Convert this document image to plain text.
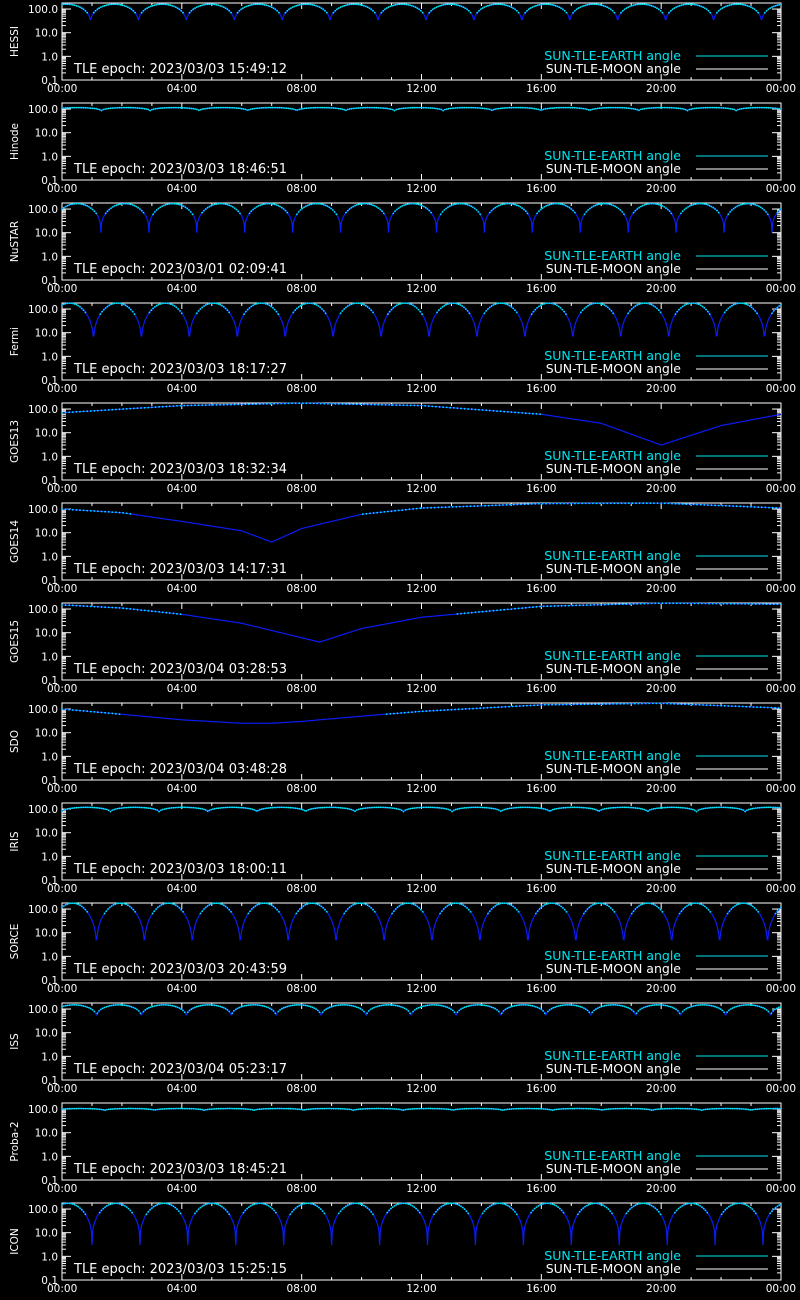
100.0
10.0
1.0
0.1
00:00	04:00	08:00	12:00	16:00	20:00	00:00
HESSI
TLE epoch: 2023/03/03 15:49:12
SUN-TLE-EARTH angle
SUN-TLE-MOON angle
100.0
10.0
1.0
0.1
00:00	04:00	08:00	12:00	16:00	20:00	00:00
Hinode
TLE epoch: 2023/03/03 18:46:51
SUN-TLE-EARTH angle
SUN-TLE-MOON angle
100.0
10.0
1.0
0.1
00:00	04:00	08:00	12:00	16:00	20:00	00:00
NuSTAR
TLE epoch: 2023/03/01 02:09:41
SUN-TLE-EARTH angle
SUN-TLE-MOON angle
100.0
10.0
1.0
0.1
00:00	04:00	08:00	12:00	16:00	20:00	00:00
Fermi
TLE epoch: 2023/03/03 18:17:27
SUN-TLE-EARTH angle
SUN-TLE-MOON angle
100.0
10.0
1.0
0.1
00:00	04:00	08:00	12:00	16:00	20:00	00:00
GOES13
TLE epoch: 2023/03/03 18:32:34
SUN-TLE-EARTH angle
SUN-TLE-MOON angle
100.0
10.0
1.0
0.1
00:00	04:00	08:00	12:00	16:00	20:00	00:00
GOES14
TLE epoch: 2023/03/03 14:17:31
SUN-TLE-EARTH angle
SUN-TLE-MOON angle
100.0
10.0
1.0
0.1
00:00	04:00	08:00	12:00	16:00	20:00	00:00
GOES15
TLE epoch: 2023/03/04 03:28:53
SUN-TLE-EARTH angle
SUN-TLE-MOON angle
100.0
10.0
1.0
0.1
00:00	04:00	08:00	12:00	16:00	20:00	00:00
SDO
TLE epoch: 2023/03/04 03:48:28
SUN-TLE-EARTH angle
SUN-TLE-MOON angle
100.0
10.0
1.0
0.1
00:00	04:00	08:00	12:00	16:00	20:00	00:00
IRIS
TLE epoch: 2023/03/03 18:00:11
SUN-TLE-EARTH angle
SUN-TLE-MOON angle
100.0
10.0
1.0
0.1
00:00	04:00	08:00	12:00	16:00	20:00	00:00
SORCE
TLE epoch: 2023/03/03 20:43:59
SUN-TLE-EARTH angle
SUN-TLE-MOON angle
100.0
10.0
1.0
0.1
00:00	04:00	08:00	12:00	16:00	20:00	00:00
ISS
TLE epoch: 2023/03/04 05:23:17
SUN-TLE-EARTH angle
SUN-TLE-MOON angle
100.0
10.0
1.0
0.1
00:00	04:00	08:00	12:00	16:00	20:00	00:00
Proba-2
TLE epoch: 2023/03/03 18:45:21
SUN-TLE-EARTH angle
SUN-TLE-MOON angle
100.0
10.0
1.0
0.1
00:00	04:00	08:00	12:00	16:00	20:00	00:00
ICON
TLE epoch: 2023/03/03 15:25:15
SUN-TLE-EARTH angle
SUN-TLE-MOON angle
